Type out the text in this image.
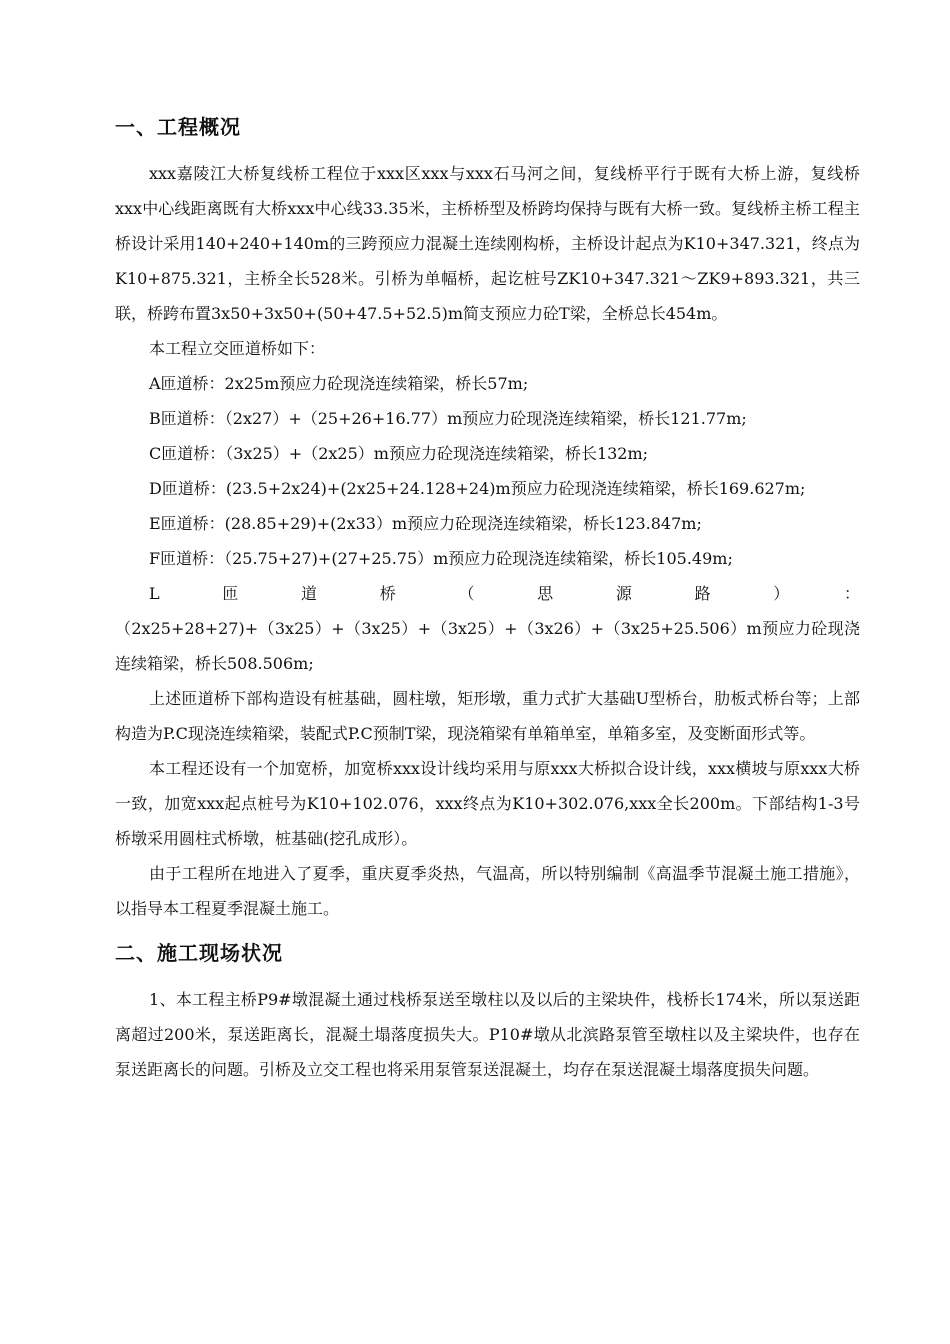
一、工程概况

xxx嘉陵江大桥复线桥工程位于xxx区xxx与xxx石马河之间，复线桥平行于既有大桥上游，复线桥xxx中心线距离既有大桥xxx中心线33.35米，主桥桥型及桥跨均保持与既有大桥一致。复线桥主桥工程主桥设计采用140+240+140m的三跨预应力混凝土连续刚构桥，主桥设计起点为K10+347.321，终点为K10+875.321，主桥全长528米。引桥为单幅桥，起讫桩号ZK10+347.321～ZK9+893.321，共三联，桥跨布置3x50+3x50+(50+47.5+52.5)m简支预应力砼T梁，全桥总长454m。

本工程立交匝道桥如下：

A匝道桥：2x25m预应力砼现浇连续箱梁，桥长57m;

B匝道桥：（2x27）+（25+26+16.77）m预应力砼现浇连续箱梁，桥长121.77m;

C匝道桥：（3x25）+（2x25）m预应力砼现浇连续箱梁，桥长132m;

D匝道桥：(23.5+2x24)+(2x25+24.128+24)m预应力砼现浇连续箱梁，桥长169.627m;

E匝道桥：(28.85+29)+(2x33）m预应力砼现浇连续箱梁，桥长123.847m;

F匝道桥：（25.75+27)+(27+25.75）m预应力砼现浇连续箱梁，桥长105.49m;

L匝道桥（思源路）：

（2x25+28+27)+（3x25）+（3x25）+（3x25）+（3x26）+（3x25+25.506）m预应力砼现浇连续箱梁，桥长508.506m;

上述匝道桥下部构造设有桩基础，圆柱墩，矩形墩，重力式扩大基础U型桥台，肋板式桥台等；上部构造为P.C现浇连续箱梁，装配式P.C预制T梁，现浇箱梁有单箱单室，单箱多室，及变断面形式等。

本工程还设有一个加宽桥，加宽桥xxx设计线均采用与原xxx大桥拟合设计线，xxx横坡与原xxx大桥一致，加宽xxx起点桩号为K10+102.076，xxx终点为K10+302.076,xxx全长200m。下部结构1-3号桥墩采用圆柱式桥墩，桩基础(挖孔成形）。

由于工程所在地进入了夏季，重庆夏季炎热，气温高，所以特别编制《高温季节混凝土施工措施》，以指导本工程夏季混凝土施工。

二、施工现场状况

1、本工程主桥P9#墩混凝土通过栈桥泵送至墩柱以及以后的主梁块件，栈桥长174米，所以泵送距离超过200米，泵送距离长，混凝土塌落度损失大。P10#墩从北滨路泵管至墩柱以及主梁块件，也存在泵送距离长的问题。引桥及立交工程也将采用泵管泵送混凝土，均存在泵送混凝土塌落度损失问题。
